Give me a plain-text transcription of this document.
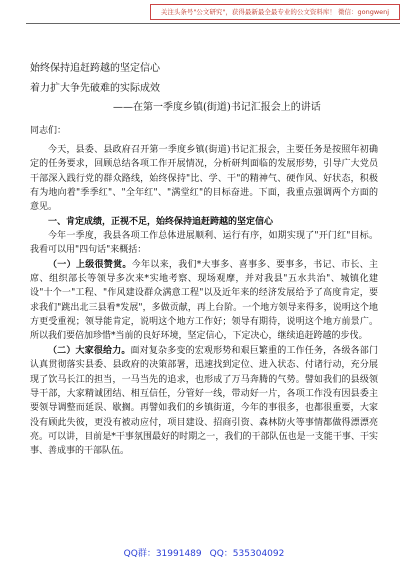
关注头条号"公文研究"，获得最新最全最专业的公文资料库！ 微信：gongwenj
始终保持追赶跨越的坚定信心
着力扩大争先破难的实际成效
——在第一季度乡镇(街道)书记汇报会上的讲话
同志们：

今天，县委、县政府召开第一季度乡镇(街道)书记汇报会，主要任务是按照年初确定的任务要求，回顾总结各项工作开展情况，分析研判面临的发展形势，引导广大党员干部深入践行党的群众路线，始终保持"比、学、干"的精神气、硬作风、好状态，积极有为地向着"季季红"、"全年红"、"满堂红"的目标奋进。下面，我重点强调两个方面的意见。

一、肯定成绩，正视不足，始终保持追赶跨越的坚定信心

今年一季度，我县各项工作总体进展顺利、运行有序，如期实现了"开门红"目标。我看可以用"四句话"来概括：

（一）上级很赞赏。今年以来，我们*大事多、喜事多、要事多，书记、市长、主席、组织部长等领导多次来*实地考察、现场观摩，并对我县"五水共治"、城镇化建设"十个一"工程、"作风建设群众满意工程"以及近年来的经济发展给予了高度肯定，要求我们"跳出北三县看*发展"，多做贡献，再上台阶。一个地方领导来得多，说明这个地方更受重视；领导能肯定，说明这个地方工作好；领导有期待，说明这个地方前景广。所以我们要倍加珍惜*当前的良好环境，坚定信心，下定决心，继续追赶跨越的步伐。

（二）大家很给力。面对复杂多变的宏观形势和艰巨繁重的工作任务，各级各部门认真贯彻落实县委、县政府的决策部署，迅速找到定位、进入状态、付诸行动，充分展现了饮马长江的担当，一马当先的追求，也形成了万马奔腾的气势。譬如我们的县级领导干部，大家精诚团结、相互信任，分管好一线，带动好一片，各项工作没有因县委主要领导调整而延误、歇搁。再譬如我们的乡镇街道，今年的事很多，也都很重要，大家没有顾此失彼，更没有被动应付，项目建设、招商引资、森林防火等事情都做得漂漂亮亮。可以讲，目前是*干事氛围最好的时期之一，我们的干部队伍也是一支能干事、干实事、善成事的干部队伍。

QQ群：31991489 QQ：535304092
